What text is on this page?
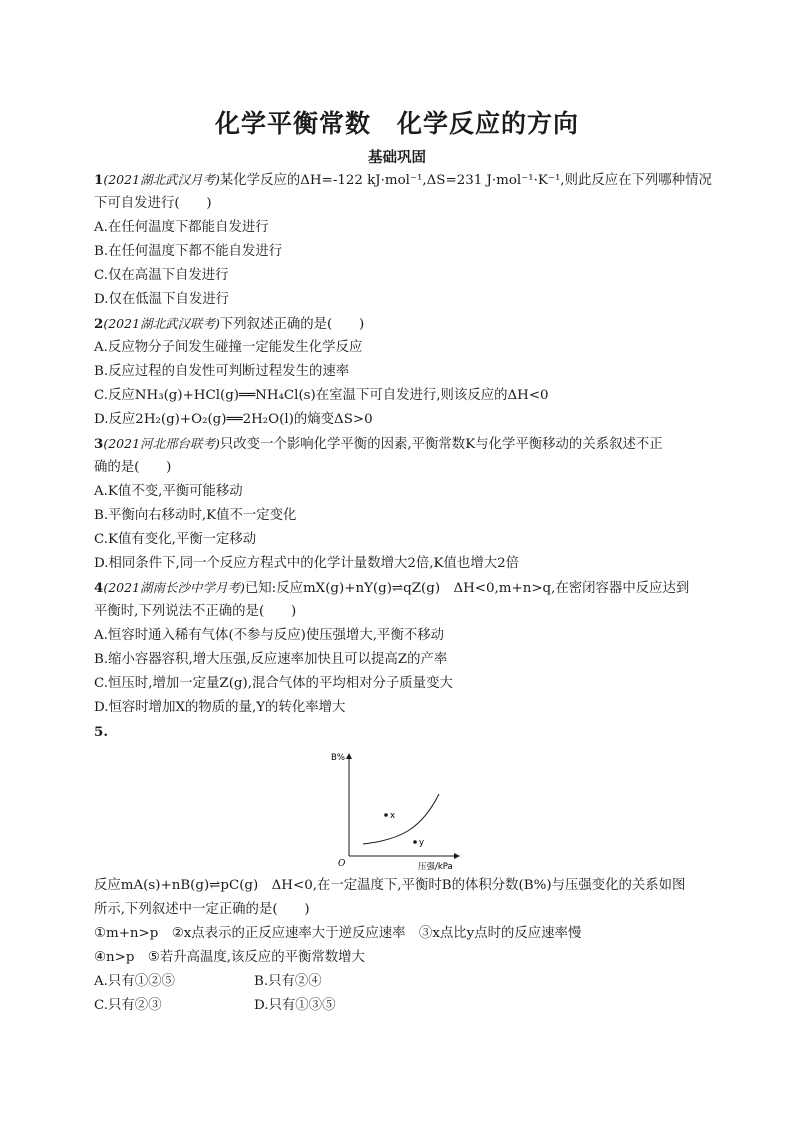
化学平衡常数　化学反应的方向
基础巩固
1(2021湖北武汉月考)某化学反应的ΔH=-122 kJ·mol⁻¹,ΔS=231 J·mol⁻¹·K⁻¹,则此反应在下列哪种情况
下可自发进行(　　)
A.在任何温度下都能自发进行
B.在任何温度下都不能自发进行
C.仅在高温下自发进行
D.仅在低温下自发进行
2(2021湖北武汉联考)下列叙述正确的是(　　)
A.反应物分子间发生碰撞一定能发生化学反应
B.反应过程的自发性可判断过程发生的速率
C.反应NH₃(g)+HCl(g)══NH₄Cl(s)在室温下可自发进行,则该反应的ΔH<0
D.反应2H₂(g)+O₂(g)══2H₂O(l)的熵变ΔS>0
3(2021河北邢台联考)只改变一个影响化学平衡的因素,平衡常数K与化学平衡移动的关系叙述不正
确的是(　　)
A.K值不变,平衡可能移动
B.平衡向右移动时,K值不一定变化
C.K值有变化,平衡一定移动
D.相同条件下,同一个反应方程式中的化学计量数增大2倍,K值也增大2倍
4(2021湖南长沙中学月考)已知:反应mX(g)+nY(g)⇌qZ(g)　ΔH<0,m+n>q,在密闭容器中反应达到
平衡时,下列说法不正确的是(　　)
A.恒容时通入稀有气体(不参与反应)使压强增大,平衡不移动
B.缩小容器容积,增大压强,反应速率加快且可以提高Z的产率
C.恒压时,增加一定量Z(g),混合气体的平均相对分子质量变大
D.恒容时增加X的物质的量,Y的转化率增大
5.
B%
压强/kPa
O
x
y
反应mA(s)+nB(g)⇌pC(g)　ΔH<0,在一定温度下,平衡时B的体积分数(B%)与压强变化的关系如图
所示,下列叙述中一定正确的是(　　)
①m+n>p　②x点表示的正反应速率大于逆反应速率　③x点比y点时的反应速率慢
④n>p　⑤若升高温度,该反应的平衡常数增大
A.只有①②⑤	B.只有②④
C.只有②③	D.只有①③⑤
